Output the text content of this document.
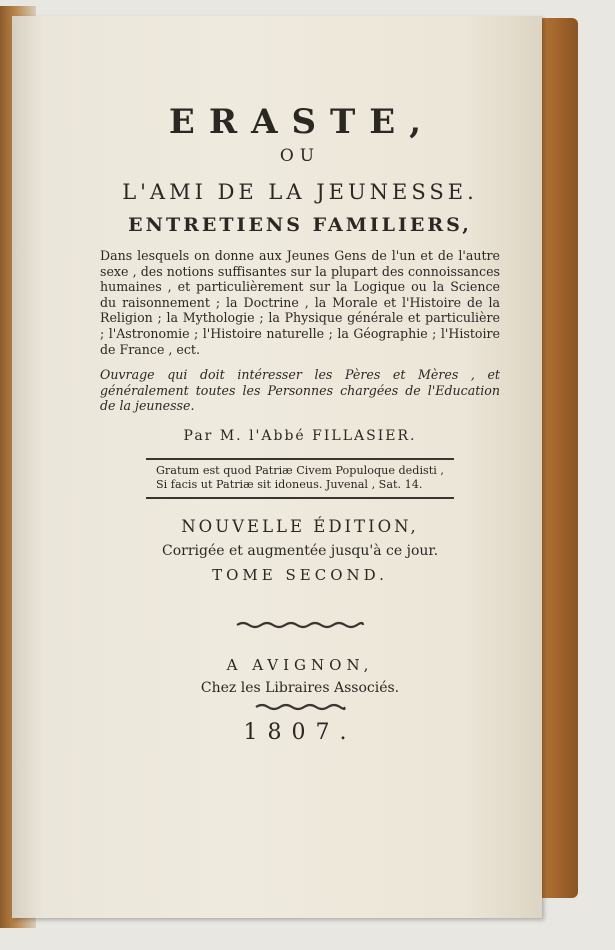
ERASTE,
OU
L'AMI DE LA JEUNESSE.
ENTRETIENS FAMILIERS,
Dans lesquels on donne aux Jeunes Gens de l'un et de l'autre sexe , des notions suffisantes sur la plupart des connoissances humaines , et particulièrement sur la Logique ou la Science du raisonnement ; la Doctrine , la Morale et l'Histoire de la Religion ; la Mythologie ; la Physique générale et particulière ; l'Astronomie ; l'Histoire naturelle ; la Géographie ; l'Histoire de France , ect.
Ouvrage qui doit intéresser les Pères et Mères , et généralement toutes les Personnes chargées de l'Education de la jeunesse.
Par M. l'Abbé FILLASIER.
Gratum est quod Patriæ Civem Populoque dedisti ,
Si facis ut Patriæ sit idoneus. Juvenal , Sat. 14.
NOUVELLE ÉDITION,
Corrigée et augmentée jusqu'à ce jour.
TOME SECOND.
A AVIGNON,
Chez les Libraires Associés.
1807.
